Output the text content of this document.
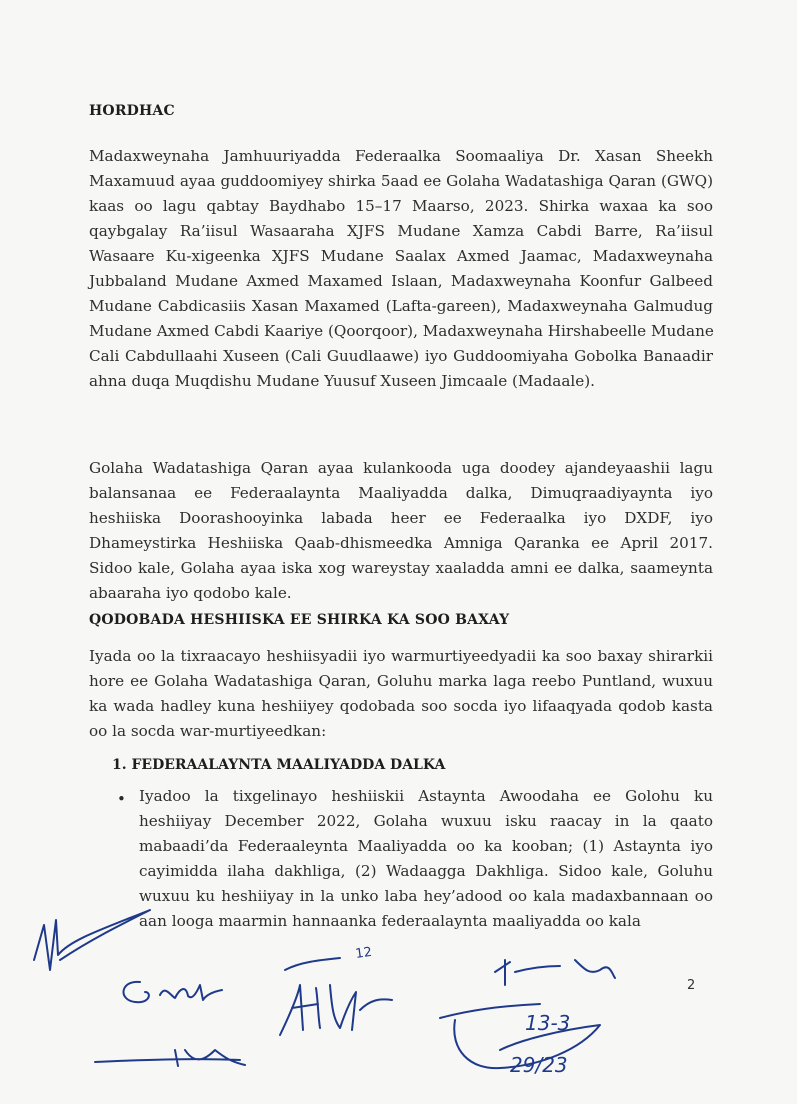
HORDHAC
Madaxweynaha Jamhuuriyadda Federaalka Soomaaliya Dr. Xasan Sheekh
Maxamuud ayaa guddoomiyey shirka 5aad ee Golaha Wadatashiga Qaran (GWQ)
kaas oo lagu qabtay Baydhabo 15–17 Maarso, 2023. Shirka waxaa ka soo
qaybgalay Ra’iisul Wasaaraha XJFS Mudane Xamza Cabdi Barre, Ra’iisul
Wasaare Ku-xigeenka XJFS Mudane Saalax Axmed Jaamac, Madaxweynaha
Jubbaland Mudane Axmed Maxamed Islaan, Madaxweynaha Koonfur Galbeed
Mudane Cabdicasiis Xasan Maxamed (Lafta-gareen), Madaxweynaha Galmudug
Mudane Axmed Cabdi Kaariye (Qoorqoor), Madaxweynaha Hirshabeelle Mudane
Cali Cabdullaahi Xuseen (Cali Guudlaawe) iyo Guddoomiyaha Gobolka Banaadir
ahna duqa Muqdishu Mudane Yuusuf Xuseen Jimcaale (Madaale).
Golaha Wadatashiga Qaran ayaa kulankooda uga doodey ajandeyaashii lagu
balansanaa ee Federaalaynta Maaliyadda dalka, Dimuqraadiyaynta iyo
heshiiska Doorashooyinka labada heer ee Federaalka iyo DXDF, iyo
Dhameystirka Heshiiska Qaab-dhismeedka Amniga Qaranka ee April 2017.
Sidoo kale, Golaha ayaa iska xog wareystay xaaladda amni ee dalka, saameynta
abaaraha iyo qodobo kale.
QODOBADA HESHIISKA EE SHIRKA KA SOO BAXAY
Iyada oo la tixraacayo heshiisyadii iyo warmurtiyeedyadii ka soo baxay shirarkii
hore ee Golaha Wadatashiga Qaran, Goluhu marka laga reebo Puntland, wuxuu
ka wada hadley kuna heshiiyey qodobada soo socda iyo lifaaqyada qodob kasta
oo la socda war-murtiyeedkan:
1. FEDERAALAYNTA MAALIYADDA DALKA
• Iyadoo la tixgelinayo heshiiskii Astaynta Awoodaha ee Golohu ku
heshiiyay December 2022, Golaha wuxuu isku raacay in la qaato
mabaadi’da Federaaleynta Maaliyadda oo ka kooban; (1) Astaynta iyo
cayimidda ilaha dakhliga, (2) Wadaagga Dakhliga. Sidoo kale, Goluhu
wuxuu ku heshiiyay in la unko laba hey’adood oo kala madaxbannaan oo
aan looga maarmin hannaanka federaalaynta maaliyadda oo kala
2
12
13-3
29/23
